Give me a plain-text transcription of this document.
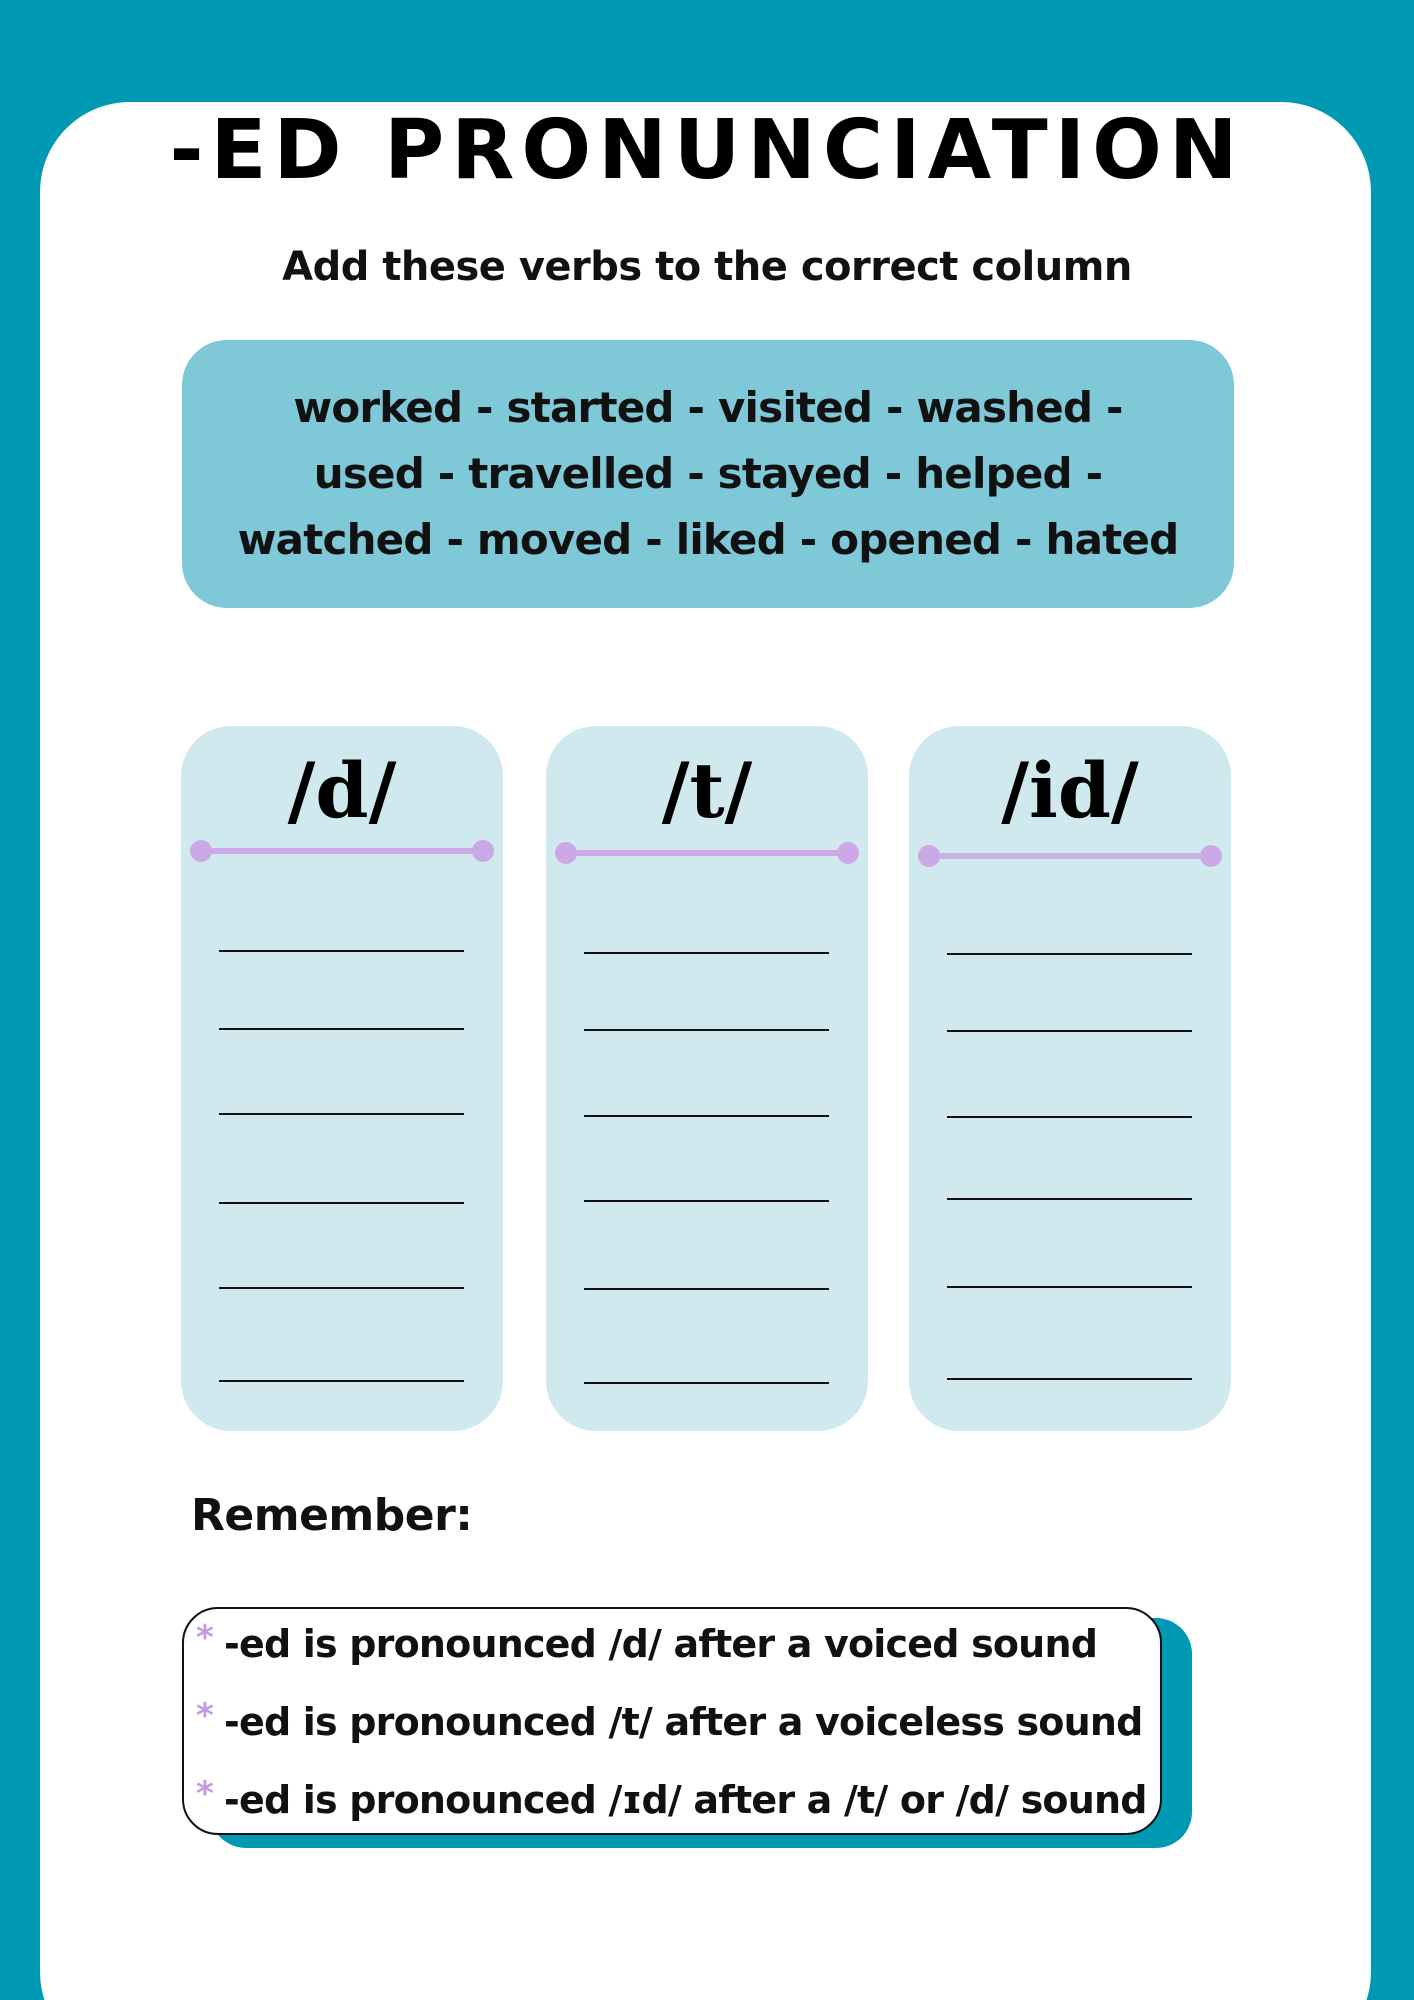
-ED PRONUNCIATION
Add these verbs to the correct column
worked - started - visited - washed - used - travelled - stayed - helped - watched - moved - liked - opened - hated
/d/	/t/	/id/
Remember:
* -ed is pronounced /d/ after a voiced sound
* -ed is pronounced /t/ after a voiceless sound
* -ed is pronounced /ɪd/ after a /t/ or /d/ sound
